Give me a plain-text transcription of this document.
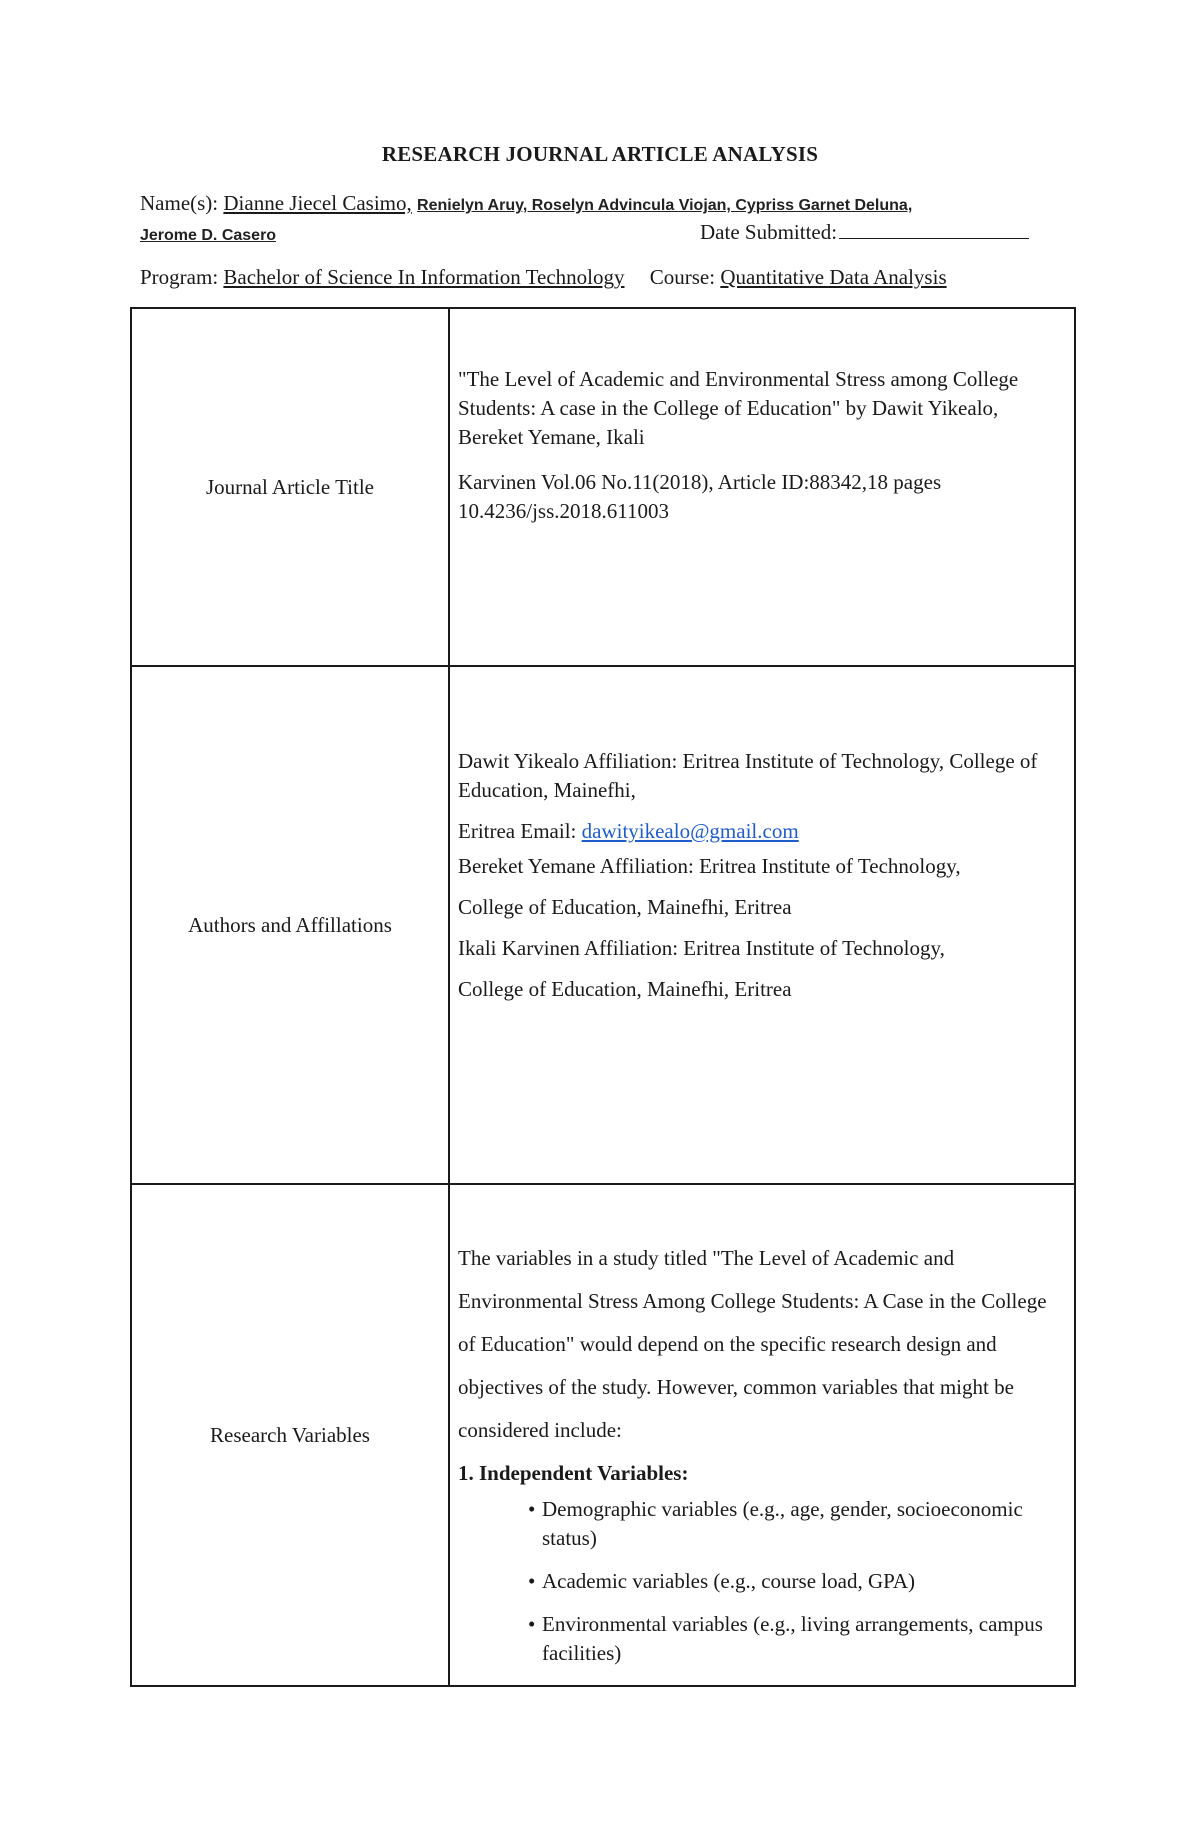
RESEARCH JOURNAL ARTICLE ANALYSIS
Name(s): Dianne Jiecel Casimo, Renielyn Aruy, Roselyn Advincula Viojan, Cypriss Garnet Deluna,
Jerome D. Casero	Date Submitted:
Program: Bachelor of Science In Information Technology Course: Quantitative Data Analysis
Journal Article Title

"The Level of Academic and Environmental Stress among College Students: A case in the College of Education" by Dawit Yikealo, Bereket Yemane, Ikali

Karvinen Vol.06 No.11(2018), Article ID:88342,18 pages 10.4236/jss.2018.611003

Authors and Affillations

Dawit Yikealo Affiliation: Eritrea Institute of Technology, College of Education, Mainefhi,

Eritrea Email: dawityikealo@gmail.com

Bereket Yemane Affiliation: Eritrea Institute of Technology,

College of Education, Mainefhi, Eritrea

Ikali Karvinen Affiliation: Eritrea Institute of Technology,

College of Education, Mainefhi, Eritrea

Research Variables

The variables in a study titled "The Level of Academic and Environmental Stress Among College Students: A Case in the College of Education" would depend on the specific research design and objectives of the study. However, common variables that might be considered include:

1. Independent Variables:

• Demographic variables (e.g., age, gender, socioeconomic status)
• Academic variables (e.g., course load, GPA)
• Environmental variables (e.g., living arrangements, campus facilities)
